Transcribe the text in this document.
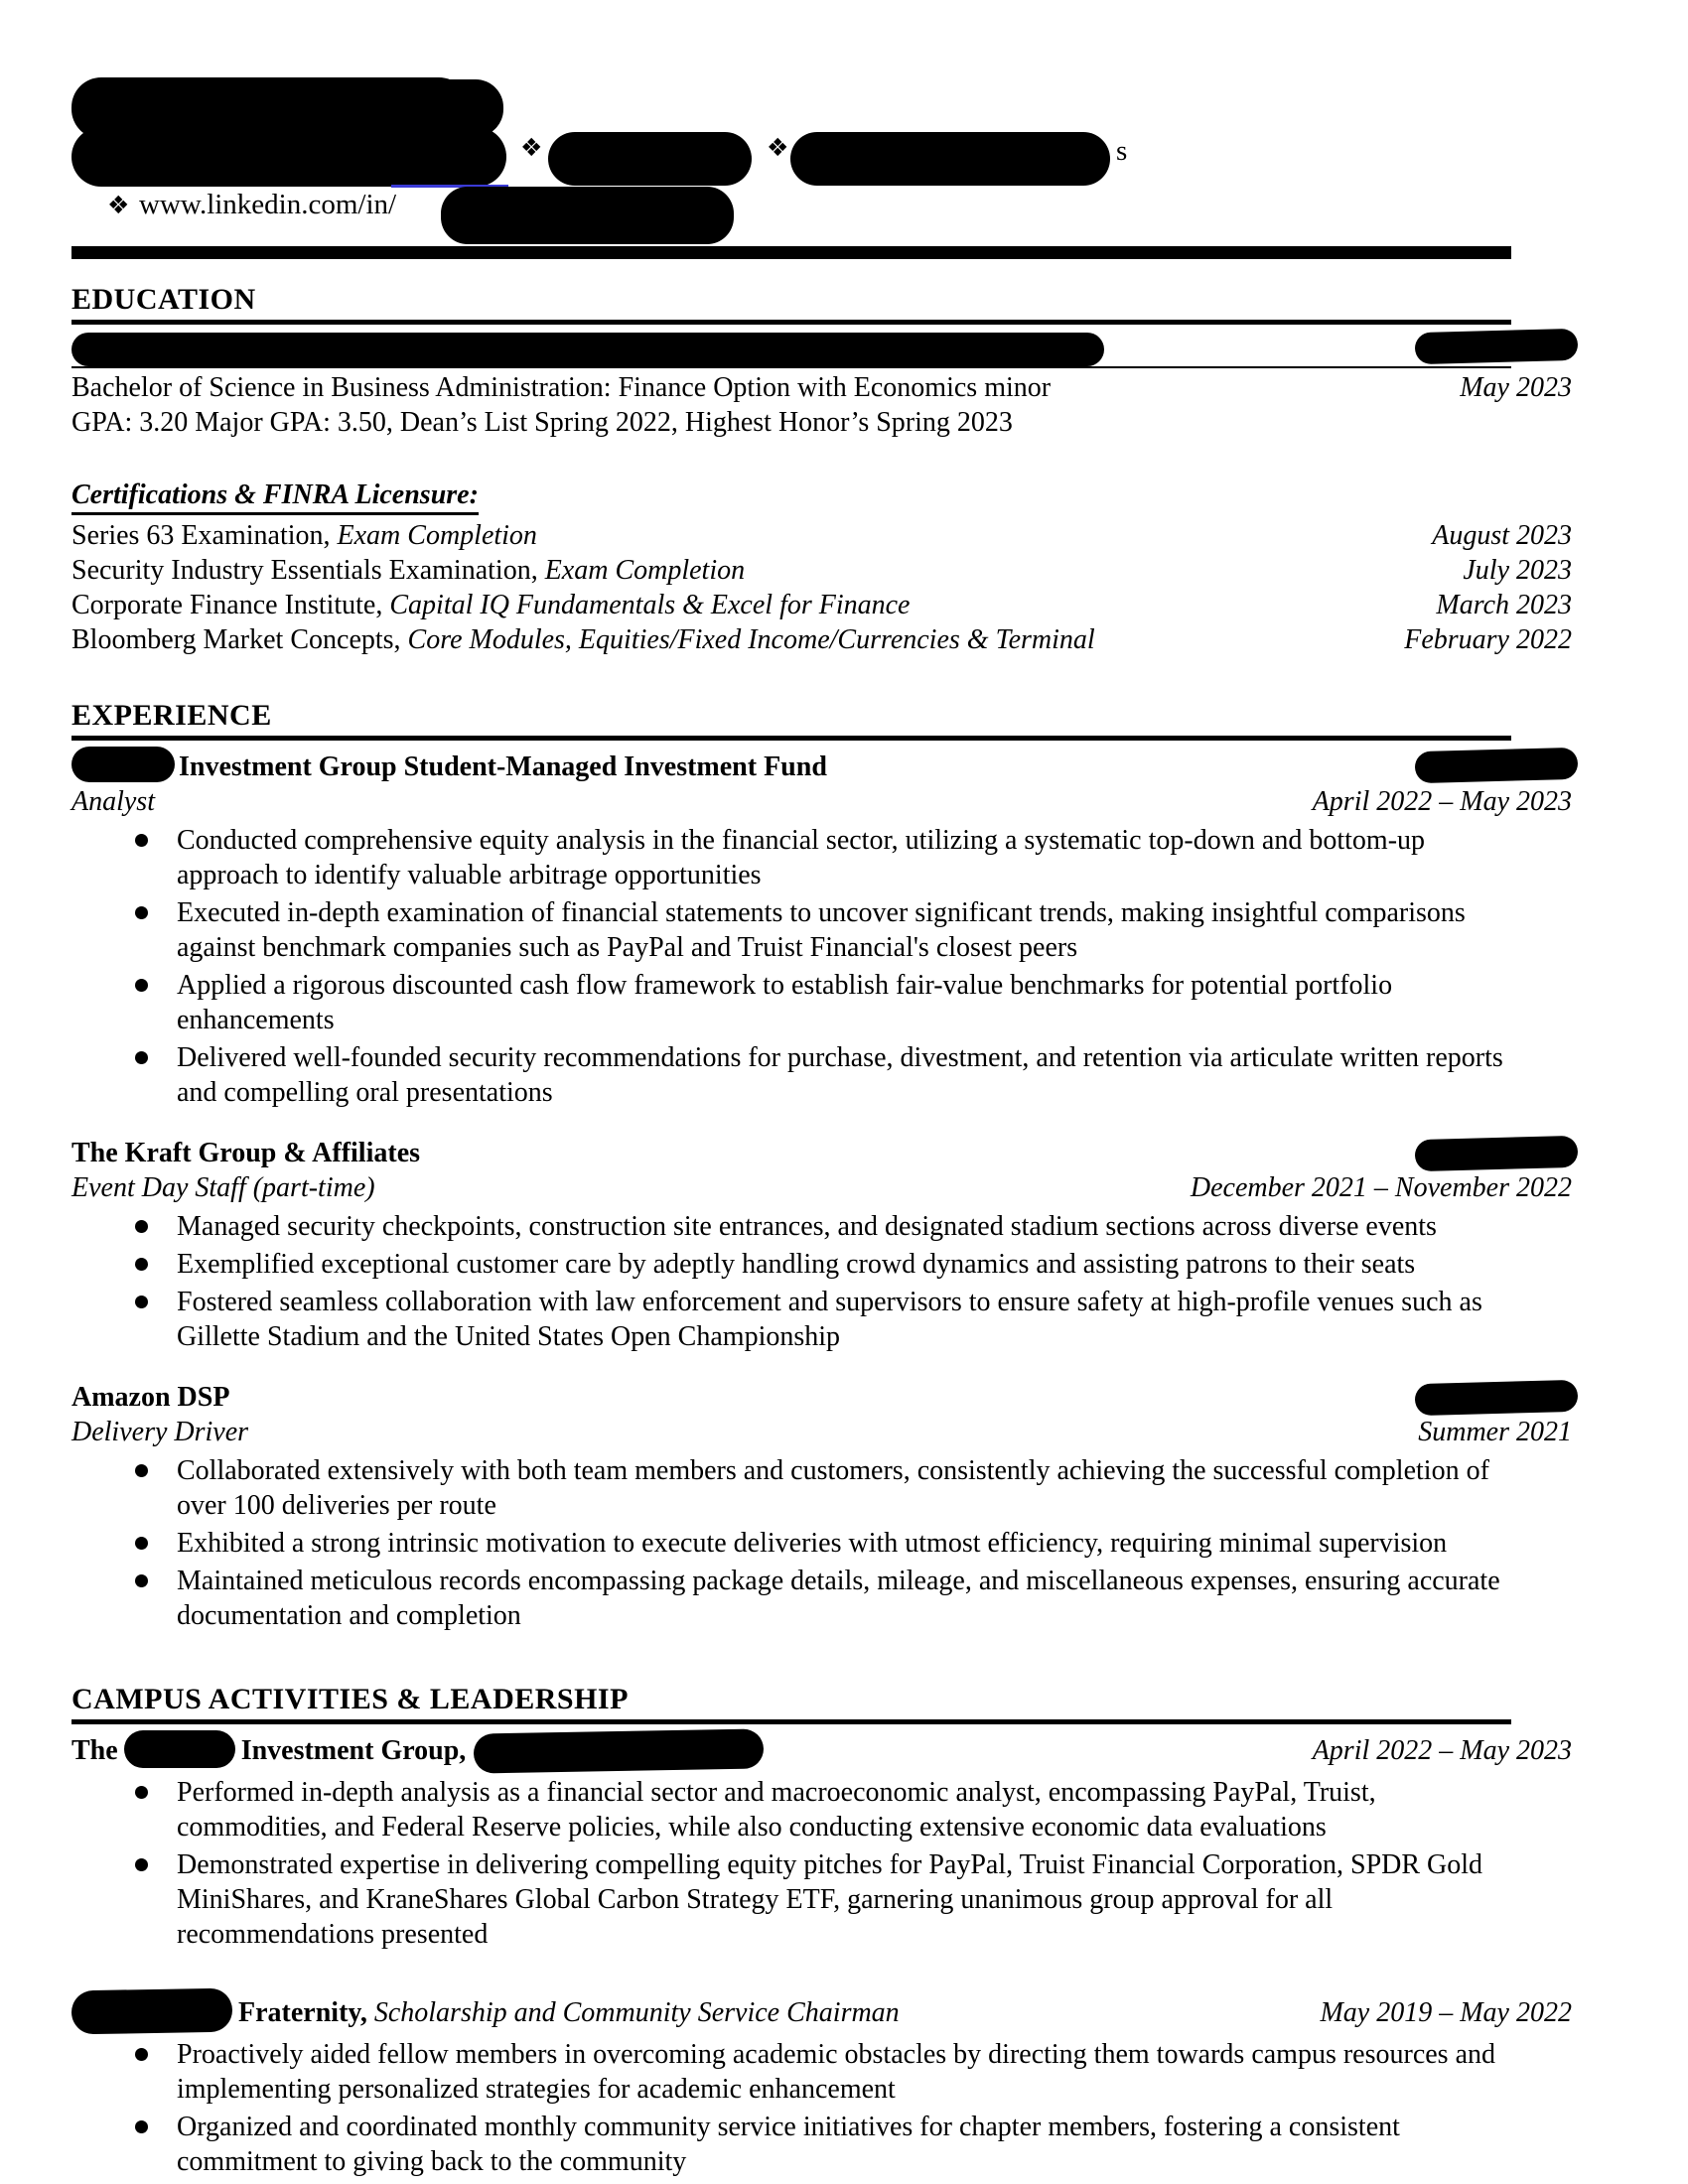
❖	❖	s
❖ www.linkedin.com/in/
EDUCATION
Bachelor of Science in Business Administration: Finance Option with Economics minor	May 2023
GPA: 3.20 Major GPA: 3.50, Dean’s List Spring 2022, Highest Honor’s Spring 2023
Certifications & FINRA Licensure:
Series 63 Examination, Exam Completion	August 2023
Security Industry Essentials Examination, Exam Completion	July 2023
Corporate Finance Institute, Capital IQ Fundamentals & Excel for Finance	March 2023
Bloomberg Market Concepts, Core Modules, Equities/Fixed Income/Currencies & Terminal	February 2022
EXPERIENCE
Investment Group Student-Managed Investment Fund
Analyst	April 2022 – May 2023
Conducted comprehensive equity analysis in the financial sector, utilizing a systematic top-down and bottom-up approach to identify valuable arbitrage opportunities
Executed in-depth examination of financial statements to uncover significant trends, making insightful comparisons against benchmark companies such as PayPal and Truist Financial's closest peers
Applied a rigorous discounted cash flow framework to establish fair-value benchmarks for potential portfolio enhancements
Delivered well-founded security recommendations for purchase, divestment, and retention via articulate written reports and compelling oral presentations
The Kraft Group & Affiliates
Event Day Staff (part-time)	December 2021 – November 2022
Managed security checkpoints, construction site entrances, and designated stadium sections across diverse events
Exemplified exceptional customer care by adeptly handling crowd dynamics and assisting patrons to their seats
Fostered seamless collaboration with law enforcement and supervisors to ensure safety at high-profile venues such as Gillette Stadium and the United States Open Championship
Amazon DSP
Delivery Driver	Summer 2021
Collaborated extensively with both team members and customers, consistently achieving the successful completion of over 100 deliveries per route
Exhibited a strong intrinsic motivation to execute deliveries with utmost efficiency, requiring minimal supervision
Maintained meticulous records encompassing package details, mileage, and miscellaneous expenses, ensuring accurate documentation and completion
CAMPUS ACTIVITIES & LEADERSHIP
The	Investment Group,	April 2022 – May 2023
Performed in-depth analysis as a financial sector and macroeconomic analyst, encompassing PayPal, Truist, commodities, and Federal Reserve policies, while also conducting extensive economic data evaluations
Demonstrated expertise in delivering compelling equity pitches for PayPal, Truist Financial Corporation, SPDR Gold MiniShares, and KraneShares Global Carbon Strategy ETF, garnering unanimous group approval for all recommendations presented
Fraternity, Scholarship and Community Service Chairman	May 2019 – May 2022
Proactively aided fellow members in overcoming academic obstacles by directing them towards campus resources and implementing personalized strategies for academic enhancement
Organized and coordinated monthly community service initiatives for chapter members, fostering a consistent commitment to giving back to the community
